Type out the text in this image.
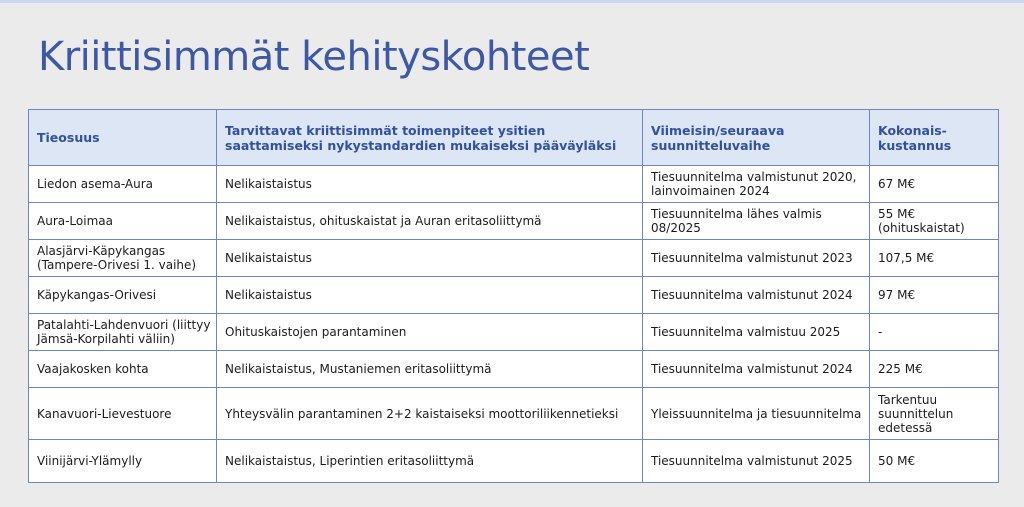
Kriittisimmät kehityskohteet
Tieosuus	Tarvittavat kriittisimmät toimenpiteet ysitien saattamiseksi nykystandardien mukaiseksi pääväyläksi	Viimeisin/seuraava suunnitteluvaihe	Kokonais-kustannus
Liedon asema-Aura	Nelikaistaistus	Tiesuunnitelma valmistunut 2020, lainvoimainen 2024	67 M€
Aura-Loimaa	Nelikaistaistus, ohituskaistat ja Auran eritasoliittymä	Tiesuunnitelma lähes valmis 08/2025	55 M€ (ohituskaistat)
Alasjärvi-Käpykangas (Tampere-Orivesi 1. vaihe)	Nelikaistaistus	Tiesuunnitelma valmistunut 2023	107,5 M€
Käpykangas-Orivesi	Nelikaistaistus	Tiesuunnitelma valmistunut 2024	97 M€
Patalahti-Lahdenvuori (liittyy Jämsä-Korpilahti väliin)	Ohituskaistojen parantaminen	Tiesuunnitelma valmistuu 2025	-
Vaajakosken kohta	Nelikaistaistus, Mustaniemen eritasoliittymä	Tiesuunnitelma valmistunut 2024	225 M€
Kanavuori-Lievestuore	Yhteysvälin parantaminen 2+2 kaistaiseksi moottoriliikennetieksi	Yleissuunnitelma ja tiesuunnitelma	Tarkentuu suunnittelun edetessä
Viinijärvi-Ylämylly	Nelikaistaistus, Liperintien eritasoliittymä	Tiesuunnitelma valmistunut 2025	50 M€
